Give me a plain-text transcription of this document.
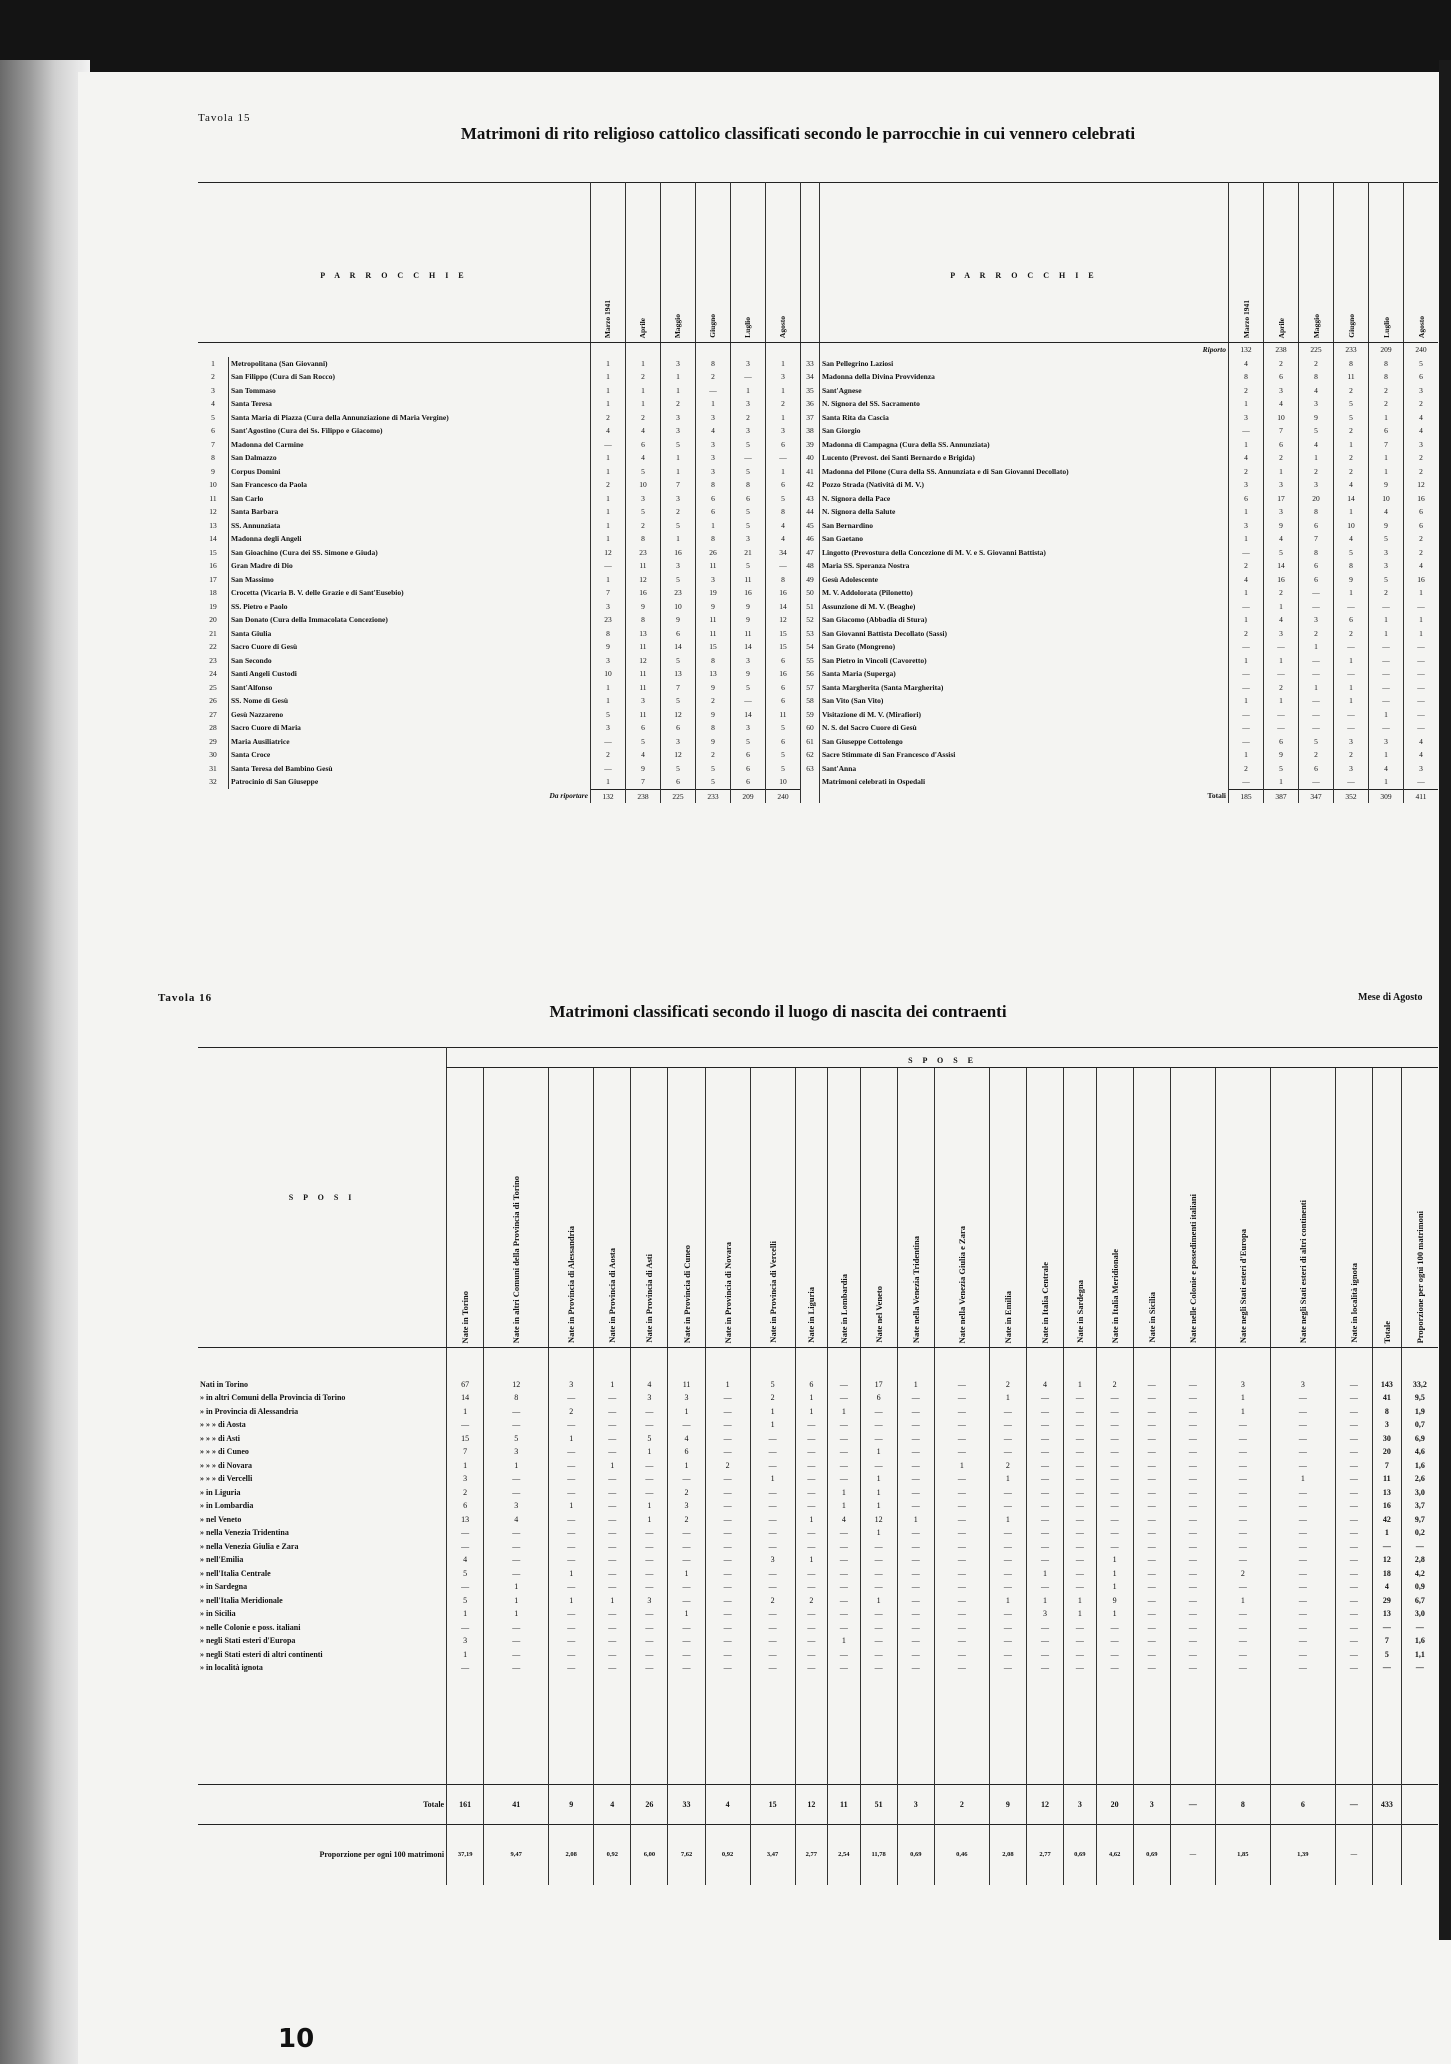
Tavola 15
Matrimoni di rito religioso cattolico classificati secondo le parrocchie in cui vennero celebrati
P A R R O C C H I E		Marzo 1941	Aprile	Maggio	Giugno	Luglio	Agosto		P A R R O C C H I E	Marzo 1941	Aprile	Maggio	Giugno	Luglio	Agosto

									Riporto	132	238	225	233	209	240
1	Metropolitana (San Giovanni)	1	1	3	8	3	1	33	San Pellegrino Laziosi	4	2	2	8	8	5
2	San Filippo (Cura di San Rocco)	1	2	1	2	—	3	34	Madonna della Divina Provvidenza	8	6	8	11	8	6
3	San Tommaso	1	1	1	—	1	1	35	Sant'Agnese	2	3	4	2	2	3
4	Santa Teresa	1	1	2	1	3	2	36	N. Signora del SS. Sacramento	1	4	3	5	2	2
5	Santa Maria di Piazza (Cura della Annunziazione di Maria Vergine)	2	2	3	3	2	1	37	Santa Rita da Cascia	3	10	9	5	1	4
6	Sant'Agostino (Cura dei Ss. Filippo e Giacomo)	4	4	3	4	3	3	38	San Giorgio	—	7	5	2	6	4
7	Madonna del Carmine	—	6	5	3	5	6	39	Madonna di Campagna (Cura della SS. Annunziata)	1	6	4	1	7	3
8	San Dalmazzo	1	4	1	3	—	—	40	Lucento (Prevost. dei Santi Bernardo e Brigida)	4	2	1	2	1	2
9	Corpus Domini	1	5	1	3	5	1	41	Madonna del Pilone (Cura della SS. Annunziata e di San Giovanni Decollato)	2	1	2	2	1	2
10	San Francesco da Paola	2	10	7	8	8	6	42	Pozzo Strada (Natività di M. V.)	3	3	3	4	9	12
11	San Carlo	1	3	3	6	6	5	43	N. Signora della Pace	6	17	20	14	10	16
12	Santa Barbara	1	5	2	6	5	8	44	N. Signora della Salute	1	3	8	1	4	6
13	SS. Annunziata	1	2	5	1	5	4	45	San Bernardino	3	9	6	10	9	6
14	Madonna degli Angeli	1	8	1	8	3	4	46	San Gaetano	1	4	7	4	5	2
15	San Gioachino (Cura dei SS. Simone e Giuda)	12	23	16	26	21	34	47	Lingotto (Prevostura della Concezione di M. V. e S. Giovanni Battista)	—	5	8	5	3	2
16	Gran Madre di Dio	—	11	3	11	5	—	48	Maria SS. Speranza Nostra	2	14	6	8	3	4
17	San Massimo	1	12	5	3	11	8	49	Gesù Adolescente	4	16	6	9	5	16
18	Crocetta (Vicaria B. V. delle Grazie e di Sant'Eusebio)	7	16	23	19	16	16	50	M. V. Addolorata (Pilonetto)	1	2	—	1	2	1
19	SS. Pietro e Paolo	3	9	10	9	9	14	51	Assunzione di M. V. (Beaghe)	—	1	—	—	—	—
20	San Donato (Cura della Immacolata Concezione)	23	8	9	11	9	12	52	San Giacomo (Abbadia di Stura)	1	4	3	6	1	1
21	Santa Giulia	8	13	6	11	11	15	53	San Giovanni Battista Decollato (Sassi)	2	3	2	2	1	1
22	Sacro Cuore di Gesù	9	11	14	15	14	15	54	San Grato (Mongreno)	—	—	1	—	—	—
23	San Secondo	3	12	5	8	3	6	55	San Pietro in Vincoli (Cavoretto)	1	1	—	1	—	—
24	Santi Angeli Custodi	10	11	13	13	9	16	56	Santa Maria (Superga)	—	—	—	—	—	—
25	Sant'Alfonso	1	11	7	9	5	6	57	Santa Margherita (Santa Margherita)	—	2	1	1	—	—
26	SS. Nome di Gesù	1	3	5	2	—	6	58	San Vito (San Vito)	1	1	—	1	—	—
27	Gesù Nazzareno	5	11	12	9	14	11	59	Visitazione di M. V. (Mirafiori)	—	—	—	—	1	—
28	Sacro Cuore di Maria	3	6	6	8	3	5	60	N. S. del Sacro Cuore di Gesù	—	—	—	—	—	—
29	Maria Ausiliatrice	—	5	3	9	5	6	61	San Giuseppe Cottolengo	—	6	5	3	3	4
30	Santa Croce	2	4	12	2	6	5	62	Sacre Stimmate di San Francesco d'Assisi	1	9	2	2	1	4
31	Santa Teresa del Bambino Gesù	—	9	5	5	6	5	63	Sant'Anna	2	5	6	3	4	3
32	Patrocinio di San Giuseppe	1	7	6	5	6	10		Matrimoni celebrati in Ospedali	—	1	—	—	1	—
Da riportare		132	238	225	233	209	240		Totali	185	387	347	352	309	411
Tavola 16	Mese di Agosto
Matrimoni classificati secondo il luogo di nascita dei contraenti
S P O S I	S P O S E																							

	Nate in Torino	Nate in altri Comuni della Provincia di Torino	Nate in Provincia di Alessandria	Nate in Provincia di Aosta	Nate in Provincia di Asti	Nate in Provincia di Cuneo	Nate in Provincia di Novara	Nate in Provincia di Vercelli	Nate in Liguria	Nate in Lombardia	Nate nel Veneto	Nate nella Venezia Tridentina	Nate nella Venezia Giulia e Zara	Nate in Emilia	Nate in Italia Centrale	Nate in Sardegna	Nate in Italia Meridionale	Nate in Sicilia	Nate nelle Colonie e possedimenti italiani	Nate negli Stati esteri d'Europa	Nate negli Stati esteri di altri continenti	Nate in località ignota	Totale	Proporzione per ogni 100 matrimoni

Nati in Torino	67	12	3	1	4	11	1	5	6	—	17	1	—	2	4	1	2	—	—	3	3	—	143	33,2
» in altri Comuni della Provincia di Torino	14	8	—	—	3	3	—	2	1	—	6	—	—	1	—	—	—	—	—	1	—	—	41	9,5
» in Provincia di Alessandria	1	—	2	—	—	1	—	1	1	1	—	—	—	—	—	—	—	—	—	1	—	—	8	1,9
» » » di Aosta	—	—	—	—	—	—	—	1	—	—	—	—	—	—	—	—	—	—	—	—	—	—	3	0,7
» » » di Asti	15	5	1	—	5	4	—	—	—	—	—	—	—	—	—	—	—	—	—	—	—	—	30	6,9
» » » di Cuneo	7	3	—	—	1	6	—	—	—	—	1	—	—	—	—	—	—	—	—	—	—	—	20	4,6
» » » di Novara	1	1	—	1	—	1	2	—	—	—	—	—	1	2	—	—	—	—	—	—	—	—	7	1,6
» » » di Vercelli	3	—	—	—	—	—	—	1	—	—	1	—	—	1	—	—	—	—	—	—	1	—	11	2,6
» in Liguria	2	—	—	—	—	2	—	—	—	1	1	—	—	—	—	—	—	—	—	—	—	—	13	3,0
» in Lombardia	6	3	1	—	1	3	—	—	—	1	1	—	—	—	—	—	—	—	—	—	—	—	16	3,7
» nel Veneto	13	4	—	—	1	2	—	—	1	4	12	1	—	1	—	—	—	—	—	—	—	—	42	9,7
» nella Venezia Tridentina	—	—	—	—	—	—	—	—	—	—	1	—	—	—	—	—	—	—	—	—	—	—	1	0,2
» nella Venezia Giulia e Zara	—	—	—	—	—	—	—	—	—	—	—	—	—	—	—	—	—	—	—	—	—	—	—	—
» nell'Emilia	4	—	—	—	—	—	—	3	1	—	—	—	—	—	—	—	1	—	—	—	—	—	12	2,8
» nell'Italia Centrale	5	—	1	—	—	1	—	—	—	—	—	—	—	—	1	—	1	—	—	2	—	—	18	4,2
» in Sardegna	—	1	—	—	—	—	—	—	—	—	—	—	—	—	—	—	1	—	—	—	—	—	4	0,9
» nell'Italia Meridionale	5	1	1	1	3	—	—	2	2	—	1	—	—	1	1	1	9	—	—	1	—	—	29	6,7
» in Sicilia	1	1	—	—	—	1	—	—	—	—	—	—	—	—	3	1	1	—	—	—	—	—	13	3,0
» nelle Colonie e poss. italiani	—	—	—	—	—	—	—	—	—	—	—	—	—	—	—	—	—	—	—	—	—	—	—	—
» negli Stati esteri d'Europa	3	—	—	—	—	—	—	—	—	1	—	—	—	—	—	—	—	—	—	—	—	—	7	1,6
» negli Stati esteri di altri continenti	1	—	—	—	—	—	—	—	—	—	—	—	—	—	—	—	—	—	—	—	—	—	5	1,1
» in località ignota	—	—	—	—	—	—	—	—	—	—	—	—	—	—	—	—	—	—	—	—	—	—	—	—

Totale	161	41	9	4	26	33	4	15	12	11	51	3	2	9	12	3	20	3	—	8	6	—	433	
Proporzione per ogni 100 matrimoni	37,19	9,47	2,08	0,92	6,00	7,62	0,92	3,47	2,77	2,54	11,78	0,69	0,46	2,08	2,77	0,69	4,62	0,69	—	1,85	1,39	—		
10
